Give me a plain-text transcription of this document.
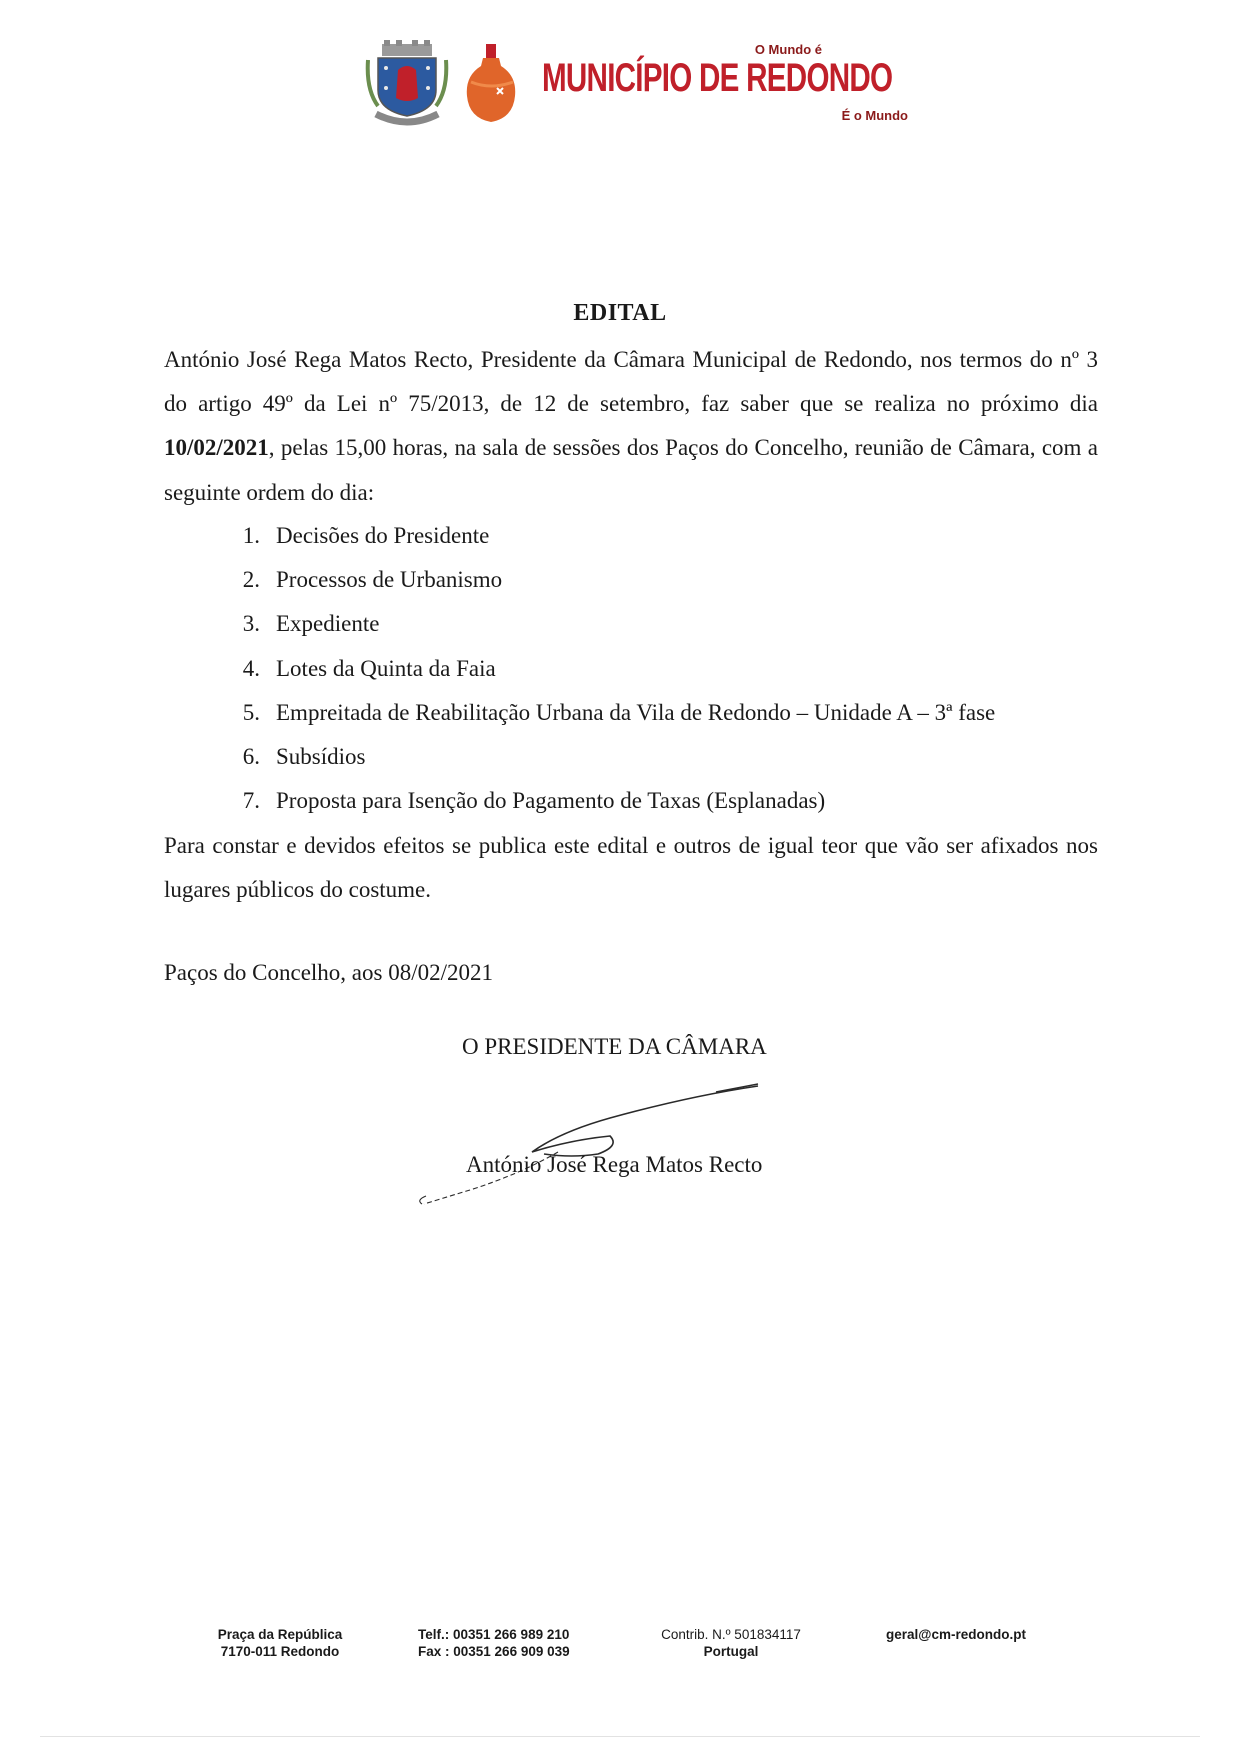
O Mundo é
MUNICÍPIO DE REDONDO
É o Mundo
EDITAL

António José Rega Matos Recto, Presidente da Câmara Municipal de Redondo, nos termos do nº 3 do artigo 49º da Lei nº 75/2013, de 12 de setembro, faz saber que se realiza no próximo dia 10/02/2021, pelas 15,00 horas, na sala de sessões dos Paços do Concelho, reunião de Câmara, com a seguinte ordem do dia:

1. Decisões do Presidente
2. Processos de Urbanismo
3. Expediente
4. Lotes da Quinta da Faia
5. Empreitada de Reabilitação Urbana da Vila de Redondo – Unidade A – 3ª fase
6. Subsídios
7. Proposta para Isenção do Pagamento de Taxas (Esplanadas)

Para constar e devidos efeitos se publica este edital e outros de igual teor que vão ser afixados nos lugares públicos do costume.

Paços do Concelho, aos 08/02/2021

O PRESIDENTE DA CÂMARA

António José Rega Matos Recto

Praça da República
7170-011 Redondo
Telf.: 00351 266 989 210
Fax : 00351 266 909 039
Contrib. N.º 501834117
Portugal
geral@cm-redondo.pt
